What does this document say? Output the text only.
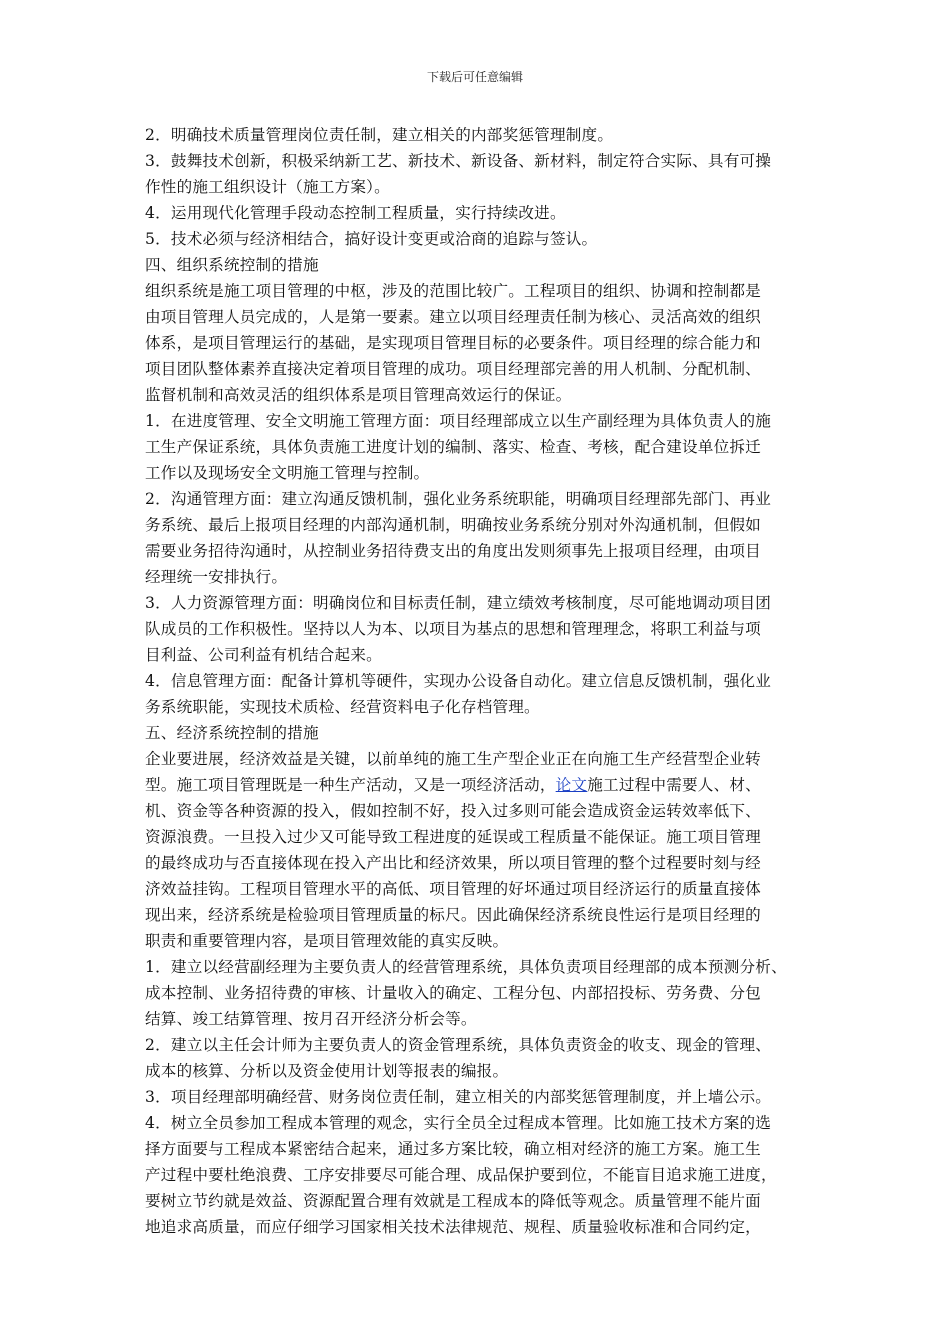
下载后可任意编辑
2．明确技术质量管理岗位责任制，建立相关的内部奖惩管理制度。
3．鼓舞技术创新，积极采纳新工艺、新技术、新设备、新材料，制定符合实际、具有可操
作性的施工组织设计（施工方案）。
4．运用现代化管理手段动态控制工程质量，实行持续改进。
5．技术必须与经济相结合，搞好设计变更或洽商的追踪与签认。
四、组织系统控制的措施
组织系统是施工项目管理的中枢，涉及的范围比较广。工程项目的组织、协调和控制都是
由项目管理人员完成的，人是第一要素。建立以项目经理责任制为核心、灵活高效的组织
体系，是项目管理运行的基础，是实现项目管理目标的必要条件。项目经理的综合能力和
项目团队整体素养直接决定着项目管理的成功。项目经理部完善的用人机制、分配机制、
监督机制和高效灵活的组织体系是项目管理高效运行的保证。
1．在进度管理、安全文明施工管理方面：项目经理部成立以生产副经理为具体负责人的施
工生产保证系统，具体负责施工进度计划的编制、落实、检查、考核，配合建设单位拆迁
工作以及现场安全文明施工管理与控制。
2．沟通管理方面：建立沟通反馈机制，强化业务系统职能，明确项目经理部先部门、再业
务系统、最后上报项目经理的内部沟通机制，明确按业务系统分别对外沟通机制，但假如
需要业务招待沟通时，从控制业务招待费支出的角度出发则须事先上报项目经理，由项目
经理统一安排执行。
3．人力资源管理方面：明确岗位和目标责任制，建立绩效考核制度，尽可能地调动项目团
队成员的工作积极性。坚持以人为本、以项目为基点的思想和管理理念，将职工利益与项
目利益、公司利益有机结合起来。
4．信息管理方面：配备计算机等硬件，实现办公设备自动化。建立信息反馈机制，强化业
务系统职能，实现技术质检、经营资料电子化存档管理。
五、经济系统控制的措施
企业要进展，经济效益是关键，以前单纯的施工生产型企业正在向施工生产经营型企业转
型。施工项目管理既是一种生产活动，又是一项经济活动，论文施工过程中需要人、材、
机、资金等各种资源的投入，假如控制不好，投入过多则可能会造成资金运转效率低下、
资源浪费。一旦投入过少又可能导致工程进度的延误或工程质量不能保证。施工项目管理
的最终成功与否直接体现在投入产出比和经济效果，所以项目管理的整个过程要时刻与经
济效益挂钩。工程项目管理水平的高低、项目管理的好坏通过项目经济运行的质量直接体
现出来，经济系统是检验项目管理质量的标尺。因此确保经济系统良性运行是项目经理的
职责和重要管理内容，是项目管理效能的真实反映。
1．建立以经营副经理为主要负责人的经营管理系统，具体负责项目经理部的成本预测分析、
成本控制、业务招待费的审核、计量收入的确定、工程分包、内部招投标、劳务费、分包
结算、竣工结算管理、按月召开经济分析会等。
2．建立以主任会计师为主要负责人的资金管理系统，具体负责资金的收支、现金的管理、
成本的核算、分析以及资金使用计划等报表的编报。
3．项目经理部明确经营、财务岗位责任制，建立相关的内部奖惩管理制度，并上墙公示。
4．树立全员参加工程成本管理的观念，实行全员全过程成本管理。比如施工技术方案的选
择方面要与工程成本紧密结合起来，通过多方案比较，确立相对经济的施工方案。施工生
产过程中要杜绝浪费、工序安排要尽可能合理、成品保护要到位，不能盲目追求施工进度，
要树立节约就是效益、资源配置合理有效就是工程成本的降低等观念。质量管理不能片面
地追求高质量，而应仔细学习国家相关技术法律规范、规程、质量验收标准和合同约定，
